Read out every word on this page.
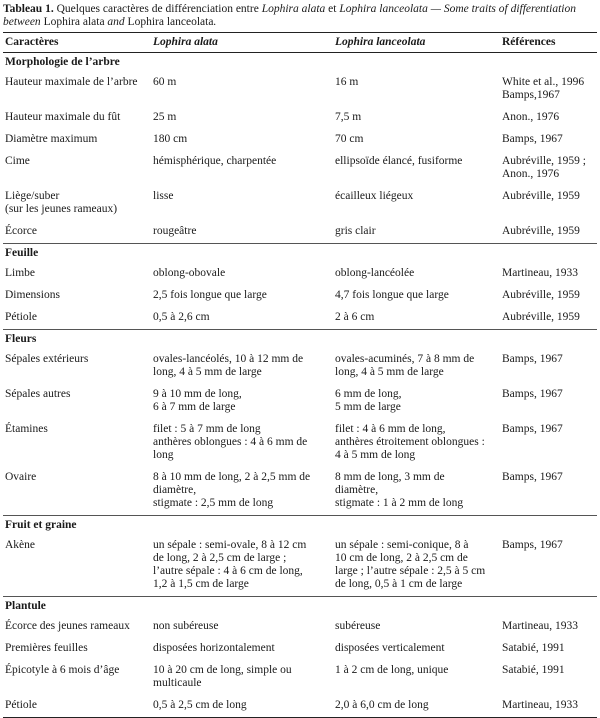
Tableau 1. Quelques caractères de différenciation entre Lophira alata et Lophira lanceolata — Some traits of differentiation
between Lophira alata and Lophira lanceolata.

Caractères	Lophira alata	Lophira lanceolata	Références
Morphologie de l’arbre			

Hauteur maximale de l’arbre	60 m	16 m	White et al., 1996
Bamps,1967

Hauteur maximale du fût	25 m	7,5 m	Anon., 1976

Diamètre maximum	180 cm	70 cm	Bamps, 1967

Cime	hémisphérique, charpentée	ellipsoïde élancé, fusiforme	Aubréville, 1959 ;
Anon., 1976

Liège/suber
(sur les jeunes rameaux)	lisse	écailleux liégeux	Aubréville, 1959

Écorce	rougeâtre	gris clair	Aubréville, 1959

Feuille			

Limbe	oblong-obovale	oblong-lancéolée	Martineau, 1933

Dimensions	2,5 fois longue que large	4,7 fois longue que large	Aubréville, 1959

Pétiole	0,5 à 2,6 cm	2 à 6 cm	Aubréville, 1959

Fleurs			

Sépales extérieurs	ovales-lancéolés, 10 à 12 mm de
long, 4 à 5 mm de large	ovales-acuminés, 7 à 8 mm de
long, 4 à 5 mm de large	Bamps, 1967

Sépales autres	9 à 10 mm de long,
6 à 7 mm de large	6 mm de long,
5 mm de large	Bamps, 1967

Étamines	filet : 5 à 7 mm de long
anthères oblongues : 4 à 6 mm de
long	filet : 4 à 6 mm de long,
anthères étroitement oblongues :
4 à 5 mm de long	Bamps, 1967

Ovaire	8 à 10 mm de long, 2 à 2,5 mm de
diamètre,
stigmate : 2,5 mm de long	8 mm de long, 3 mm de
diamètre,
stigmate : 1 à 2 mm de long	Bamps, 1967

Fruit et graine			

Akène	un sépale : semi-ovale, 8 à 12 cm
de long, 2 à 2,5 cm de large ;
l’autre sépale : 4 à 6 cm de long,
1,2 à 1,5 cm de large	un sépale : semi-conique, 8 à
10 cm de long, 2 à 2,5 cm de
large ; l’autre sépale : 2,5 à 5 cm
de long, 0,5 à 1 cm de large	Bamps, 1967

Plantule			

Écorce des jeunes rameaux	non subéreuse	subéreuse	Martineau, 1933

Premières feuilles	disposées horizontalement	disposées verticalement	Satabié, 1991

Épicotyle à 6 mois d’âge	10 à 20 cm de long, simple ou
multicaule	1 à 2 cm de long, unique	Satabié, 1991

Pétiole	0,5 à 2,5 cm de long	2,0 à 6,0 cm de long	Martineau, 1933
